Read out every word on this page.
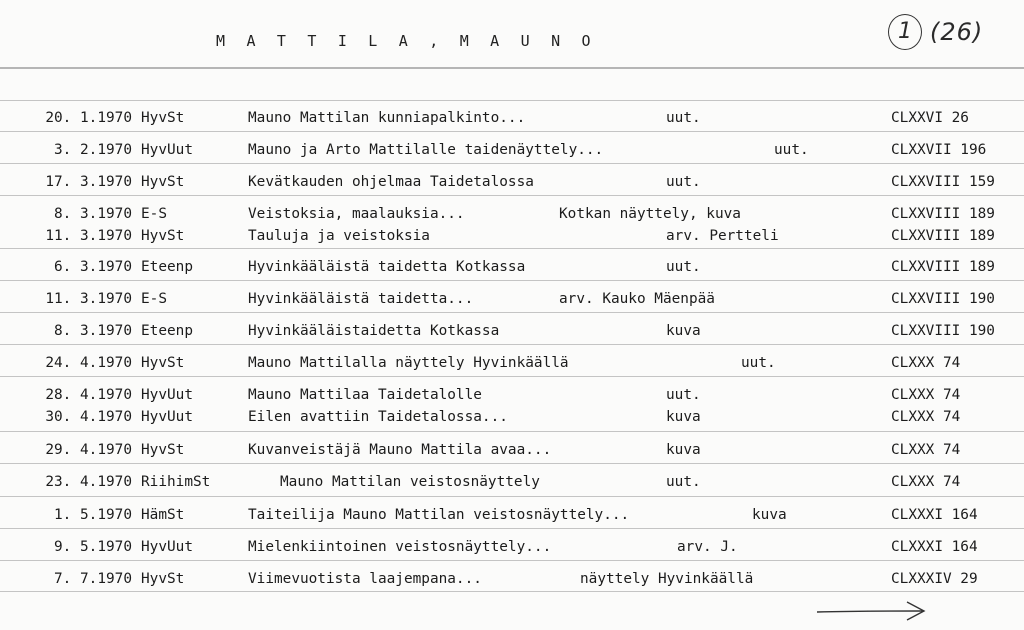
M A T T I L A , M A U N O	1 (26)
20. 1.1970 HyvSt	Mauno Mattilan kunniapalkinto...	uut.	CLXXVI 26
3. 2.1970 HyvUut	Mauno ja Arto Mattilalle taidenäyttely...	uut.	CLXXVII 196
17. 3.1970 HyvSt	Kevätkauden ohjelmaa Taidetalossa	uut.	CLXXVIII 159
8. 3.1970 E-S	Veistoksia, maalauksia...	Kotkan näyttely, kuva	CLXXVIII 189
11. 3.1970 HyvSt	Tauluja ja veistoksia	arv. Pertteli	CLXXVIII 189
6. 3.1970 Eteenp	Hyvinkääläistä taidetta Kotkassa	uut.	CLXXVIII 189
11. 3.1970 E-S	Hyvinkääläistä taidetta...	arv. Kauko Mäenpää	CLXXVIII 190
8. 3.1970 Eteenp	Hyvinkääläistaidetta Kotkassa	kuva	CLXXVIII 190
24. 4.1970 HyvSt	Mauno Mattilalla näyttely Hyvinkäällä	uut.	CLXXX 74
28. 4.1970 HyvUut	Mauno Mattilaa Taidetalolle	uut.	CLXXX 74
30. 4.1970 HyvUut	Eilen avattiin Taidetalossa...	kuva	CLXXX 74
29. 4.1970 HyvSt	Kuvanveistäjä Mauno Mattila avaa...	kuva	CLXXX 74
23. 4.1970 RiihimSt	Mauno Mattilan veistosnäyttely	uut.	CLXXX 74
1. 5.1970 HämSt	Taiteilija Mauno Mattilan veistosnäyttely...	kuva	CLXXXI 164
9. 5.1970 HyvUut	Mielenkiintoinen veistosnäyttely...	arv. J.	CLXXXI 164
7. 7.1970 HyvSt	Viimevuotista laajempana...	näyttely Hyvinkäällä	CLXXXIV 29
